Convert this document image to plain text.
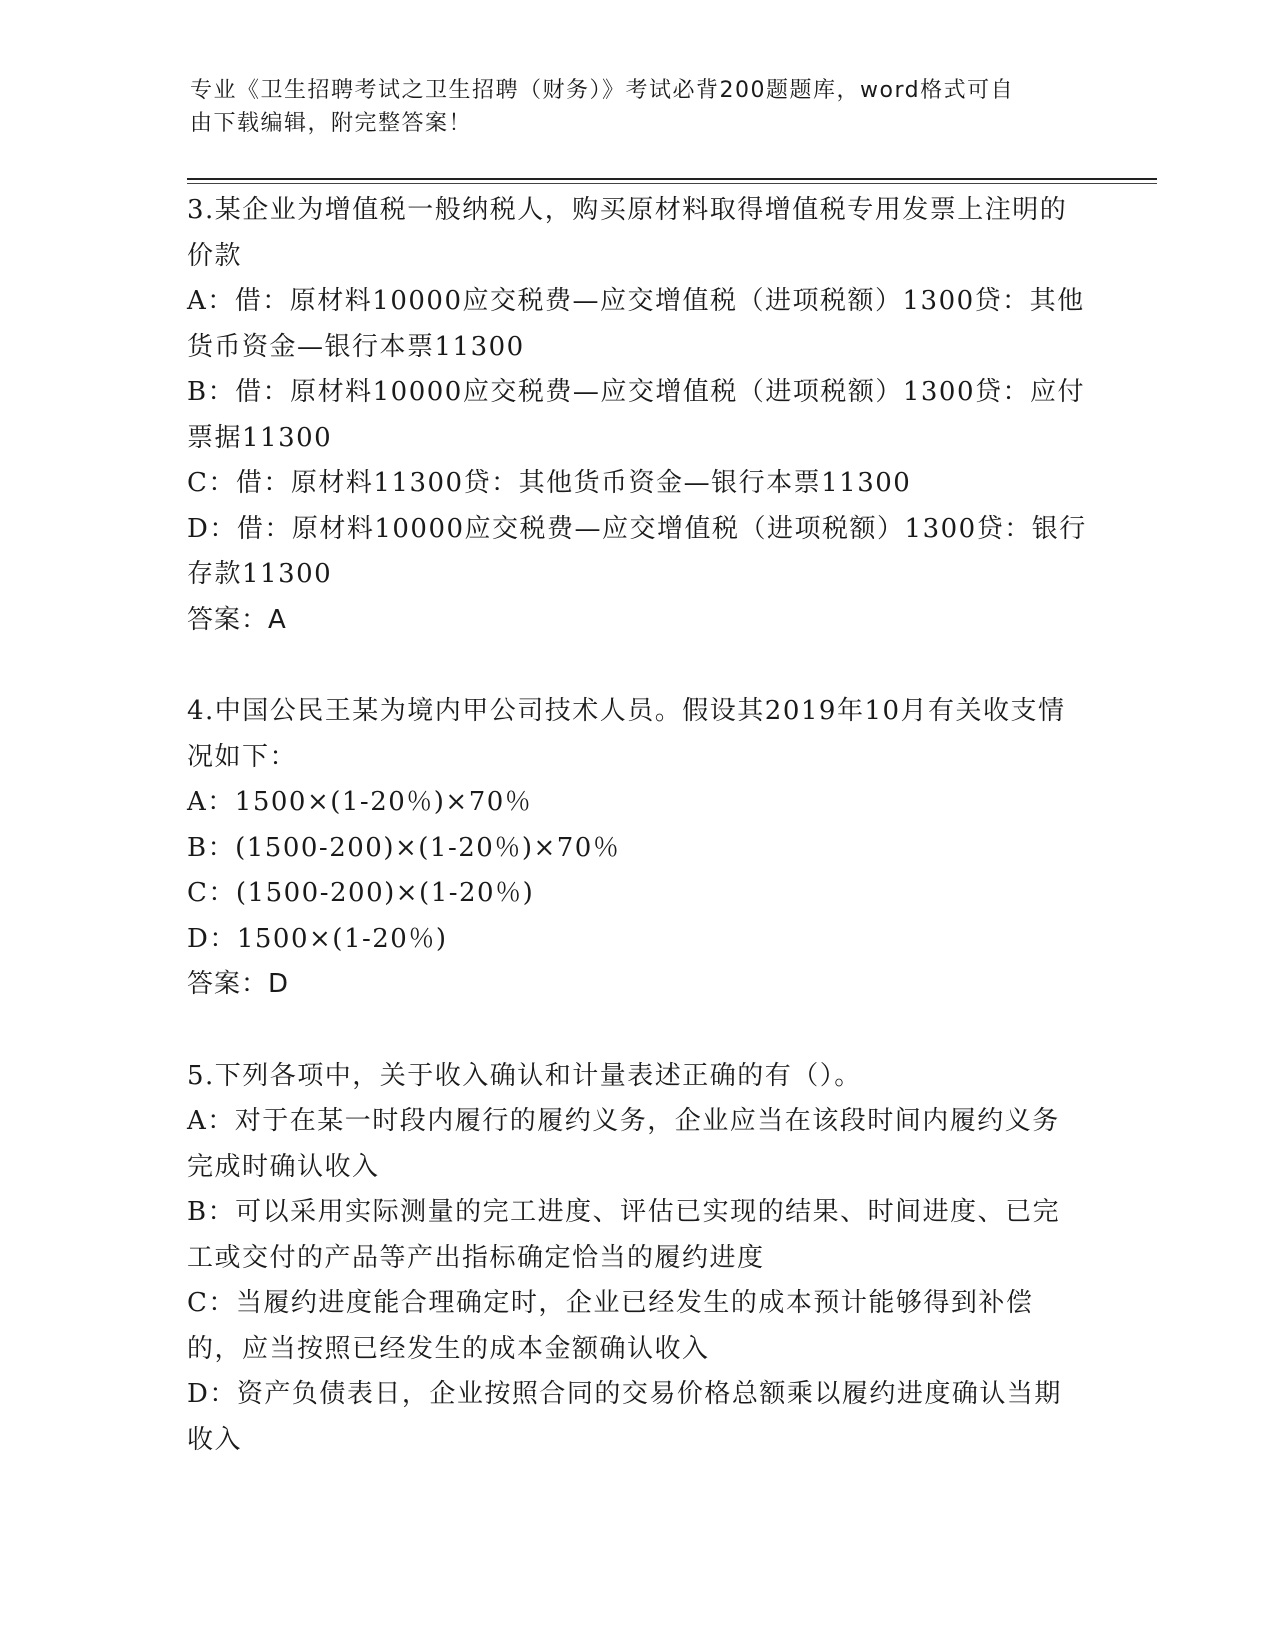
专业《卫生招聘考试之卫生招聘（财务）》考试必背200题题库，word格式可自
由下载编辑，附完整答案！
3.某企业为增值税一般纳税人，购买原材料取得增值税专用发票上注明的价款
A：借：原材料10000应交税费—应交增值税（进项税额）1300贷：其他货币资金—银行本票11300
B：借：原材料10000应交税费—应交增值税（进项税额）1300贷：应付票据11300
C：借：原材料11300贷：其他货币资金—银行本票11300
D：借：原材料10000应交税费—应交增值税（进项税额）1300贷：银行存款11300
答案：A
4.中国公民王某为境内甲公司技术人员。假设其2019年10月有关收支情况如下：
A：1500×(1-20％)×70％
B：(1500-200)×(1-20％)×70％
C：(1500-200)×(1-20％)
D：1500×(1-20％)
答案：D
5.下列各项中，关于收入确认和计量表述正确的有（）。
A：对于在某一时段内履行的履约义务，企业应当在该段时间内履约义务完成时确认收入
B：可以采用实际测量的完工进度、评估已实现的结果、时间进度、已完工或交付的产品等产出指标确定恰当的履约进度
C：当履约进度能合理确定时，企业已经发生的成本预计能够得到补偿的，应当按照已经发生的成本金额确认收入
D：资产负债表日，企业按照合同的交易价格总额乘以履约进度确认当期收入
